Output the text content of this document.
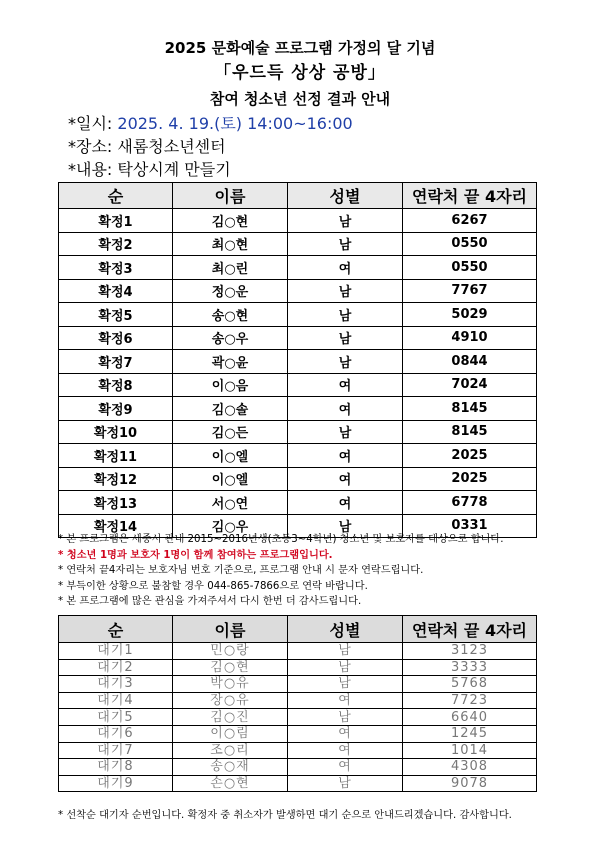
2025 문화예술 프로그램 가정의 달 기념
「우드득 상상 공방」
참여 청소년 선정 결과 안내
*일시: 2025. 4. 19.(토) 14:00~16:00
*장소: 새롬청소년센터
*내용: 탁상시계 만들기
순	이름	성별	연락처 끝 4자리
확정1	김○현	남	6267
확정2	최○현	남	0550
확정3	최○린	여	0550
확정4	정○운	남	7767
확정5	송○현	남	5029
확정6	송○우	남	4910
확정7	곽○윤	남	0844
확정8	이○음	여	7024
확정9	김○솔	여	8145
확정10	김○든	남	8145
확정11	이○엘	여	2025
확정12	이○엘	여	2025
확정13	서○연	여	6778
확정14	김○우	남	0331
* 본 프로그램은 세종시 관내 2015~2016년생(초등3~4학년) 청소년 및 보호자를 대상으로 합니다.
* 청소년 1명과 보호자 1명이 함께 참여하는 프로그램입니다.
* 연락처 끝4자리는 보호자님 번호 기준으로, 프로그램 안내 시 문자 연락드립니다.
* 부득이한 상황으로 불참할 경우 044-865-7866으로 연락 바랍니다.
* 본 프로그램에 많은 관심을 가져주셔서 다시 한번 더 감사드립니다.
순	이름	성별	연락처 끝 4자리
대기1	민○랑	남	3123
대기2	김○현	남	3333
대기3	박○유	남	5768
대기4	장○유	여	7723
대기5	김○진	남	6640
대기6	이○림	여	1245
대기7	조○리	여	1014
대기8	송○재	여	4308
대기9	손○현	남	9078
* 선착순 대기자 순번입니다. 확정자 중 취소자가 발생하면 대기 순으로 안내드리겠습니다. 감사합니다.
